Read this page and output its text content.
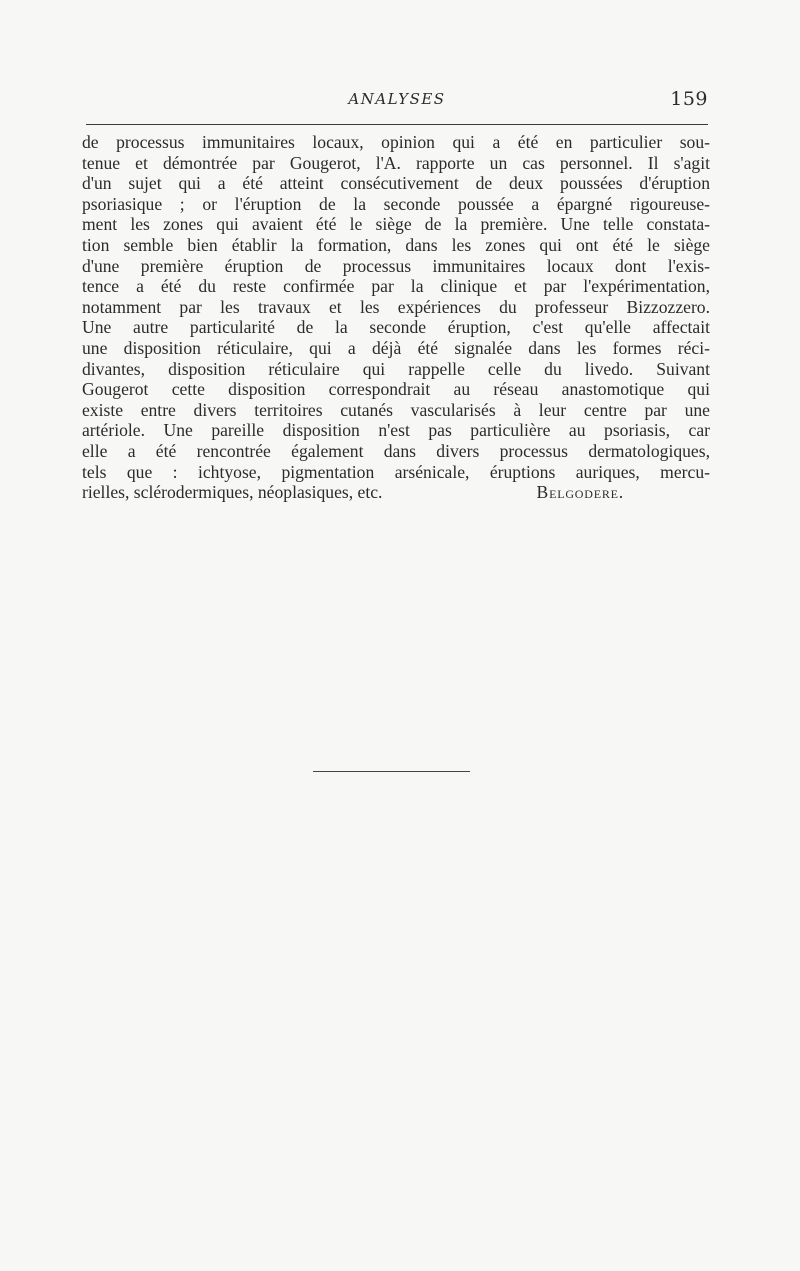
ANALYSES	159
de processus immunitaires locaux, opinion qui a été en particulier sou-
tenue et démontrée par Gougerot, l'A. rapporte un cas personnel. Il s'agit
d'un sujet qui a été atteint consécutivement de deux poussées d'éruption
psoriasique ; or l'éruption de la seconde poussée a épargné rigoureuse-
ment les zones qui avaient été le siège de la première. Une telle constata-
tion semble bien établir la formation, dans les zones qui ont été le siège
d'une première éruption de processus immunitaires locaux dont l'exis-
tence a été du reste confirmée par la clinique et par l'expérimentation,
notamment par les travaux et les expériences du professeur Bizzozzero.
Une autre particularité de la seconde éruption, c'est qu'elle affectait
une disposition réticulaire, qui a déjà été signalée dans les formes réci-
divantes, disposition réticulaire qui rappelle celle du livedo. Suivant
Gougerot cette disposition correspondrait au réseau anastomotique qui
existe entre divers territoires cutanés vascularisés à leur centre par une
artériole. Une pareille disposition n'est pas particulière au psoriasis, car
elle a été rencontrée également dans divers processus dermatologiques,
tels que : ichtyose, pigmentation arsénicale, éruptions auriques, mercu-
rielles, sclérodermiques, néoplasiques, etc.	Belgodere.
